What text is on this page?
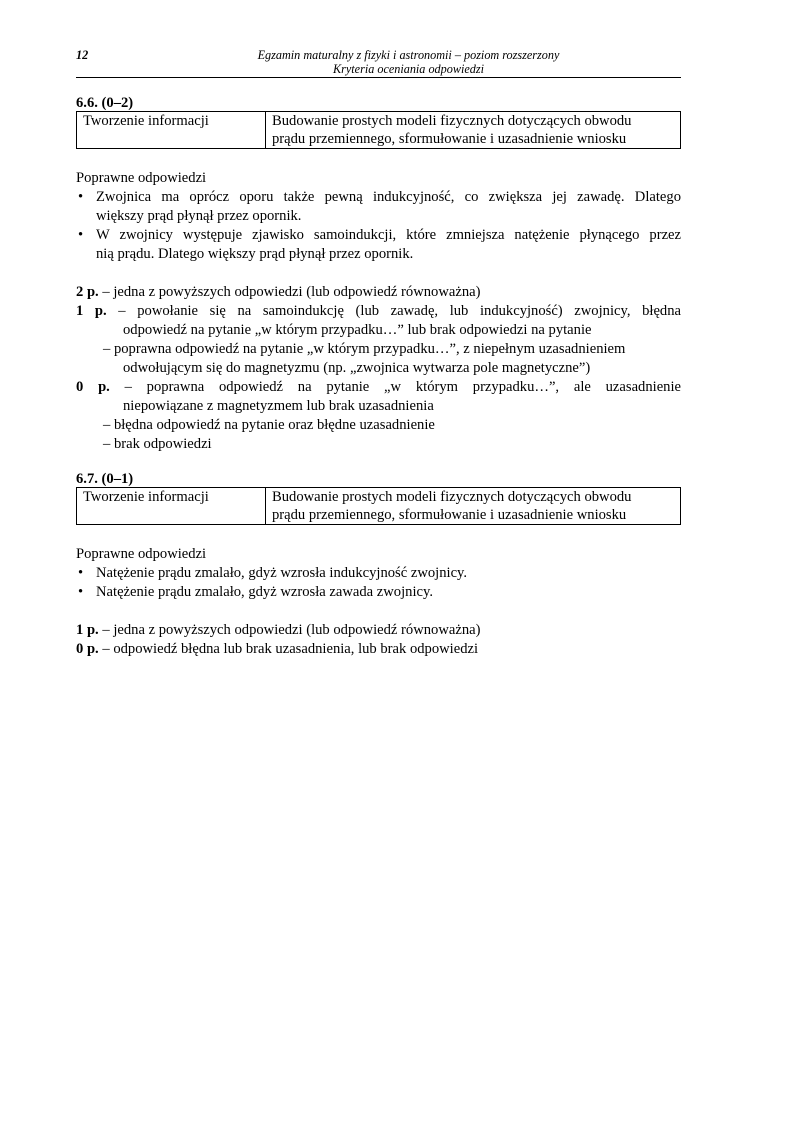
12	Egzamin maturalny z fizyki i astronomii – poziom rozszerzony
Kryteria oceniania odpowiedzi
6.6. (0–2)
Tworzenie informacji	Budowanie prostych modeli fizycznych dotyczących obwodu
prądu przemiennego, sformułowanie i uzasadnienie wniosku
Poprawne odpowiedzi
• Zwojnica ma oprócz oporu także pewną indukcyjność, co zwiększa jej zawadę. Dlatego
większy prąd płynął przez opornik.
• W zwojnicy występuje zjawisko samoindukcji, które zmniejsza natężenie płynącego przez
nią prądu. Dlatego większy prąd płynął przez opornik.
2 p. – jedna z powyższych odpowiedzi (lub odpowiedź równoważna)
1 p. – powołanie się na samoindukcję (lub zawadę, lub indukcyjność) zwojnicy, błędna
odpowiedź na pytanie „w którym przypadku…” lub brak odpowiedzi na pytanie
– poprawna odpowiedź na pytanie „w którym przypadku…”, z niepełnym uzasadnieniem
odwołującym się do magnetyzmu (np. „zwojnica wytwarza pole magnetyczne”)
0 p. – poprawna odpowiedź na pytanie „w którym przypadku…”, ale uzasadnienie
niepowiązane z magnetyzmem lub brak uzasadnienia
– błędna odpowiedź na pytanie oraz błędne uzasadnienie
– brak odpowiedzi
6.7. (0–1)
Tworzenie informacji	Budowanie prostych modeli fizycznych dotyczących obwodu
prądu przemiennego, sformułowanie i uzasadnienie wniosku
Poprawne odpowiedzi
• Natężenie prądu zmalało, gdyż wzrosła indukcyjność zwojnicy.
• Natężenie prądu zmalało, gdyż wzrosła zawada zwojnicy.
1 p. – jedna z powyższych odpowiedzi (lub odpowiedź równoważna)
0 p. – odpowiedź błędna lub brak uzasadnienia, lub brak odpowiedzi
